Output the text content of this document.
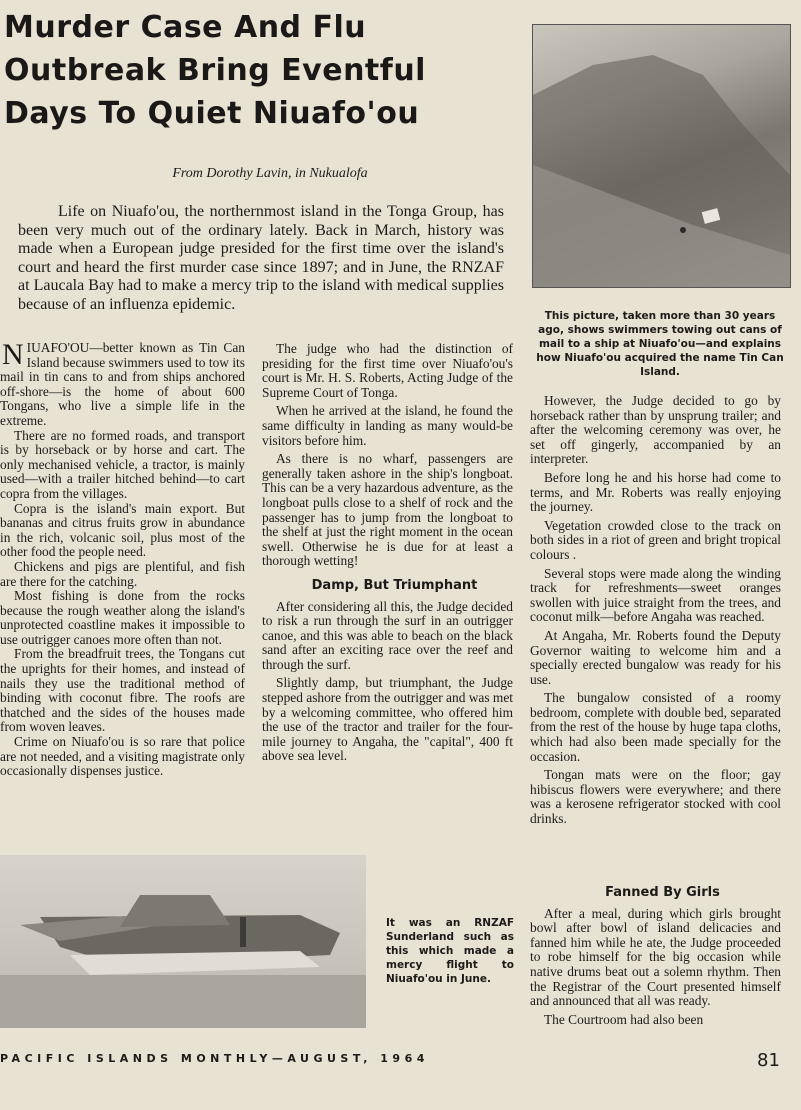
Murder Case And Flu
Outbreak Bring Eventful
Days To Quiet Niuafo'ou
From Dorothy Lavin, in Nukualofa
Life on Niuafo'ou, the northernmost island in the Tonga Group, has been very much out of the ordinary lately. Back in March, history was made when a European judge presided for the first time over the island's court and heard the first murder case since 1897; and in June, the RNZAF at Laucala Bay had to make a mercy trip to the island with medical supplies because of an influenza epidemic.
This picture, taken more than 30 years ago, shows swimmers towing out cans of mail to a ship at Niuafo'ou—and explains how Niuafo'ou acquired the name Tin Can Island.

NIUAFO'OU—better known as Tin Can Island because swimmers used to tow its mail in tin cans to and from ships anchored off-shore—is the home of about 600 Tongans, who live a simple life in the extreme.

There are no formed roads, and transport is by horseback or by horse and cart. The only mechanised vehicle, a tractor, is mainly used—with a trailer hitched behind—to cart copra from the villages.

Copra is the island's main export. But bananas and citrus fruits grow in abundance in the rich, volcanic soil, plus most of the other food the people need.

Chickens and pigs are plentiful, and fish are there for the catching.

Most fishing is done from the rocks because the rough weather along the island's unprotected coastline makes it impossible to use outrigger canoes more often than not.

From the breadfruit trees, the Tongans cut the uprights for their homes, and instead of nails they use the traditional method of binding with coconut fibre. The roofs are thatched and the sides of the houses made from woven leaves.

Crime on Niuafo'ou is so rare that police are not needed, and a visiting magistrate only occasionally dispenses justice.

The judge who had the distinction of presiding for the first time over Niuafo'ou's court is Mr. H. S. Roberts, Acting Judge of the Supreme Court of Tonga.

When he arrived at the island, he found the same difficulty in landing as many would-be visitors before him.

As there is no wharf, passengers are generally taken ashore in the ship's longboat. This can be a very hazardous adventure, as the longboat pulls close to a shelf of rock and the passenger has to jump from the longboat to the shelf at just the right moment in the ocean swell. Otherwise he is due for at least a thorough wetting!

Damp, But Triumphant

After considering all this, the Judge decided to risk a run through the surf in an outrigger canoe, and this was able to beach on the black sand after an exciting race over the reef and through the surf.

Slightly damp, but triumphant, the Judge stepped ashore from the outrigger and was met by a welcoming committee, who offered him the use of the tractor and trailer for the four-mile journey to Angaha, the "capital", 400 ft above sea level.

However, the Judge decided to go by horseback rather than by unsprung trailer; and after the welcoming ceremony was over, he set off gingerly, accompanied by an interpreter.

Before long he and his horse had come to terms, and Mr. Roberts was really enjoying the journey.

Vegetation crowded close to the track on both sides in a riot of green and bright tropical colours .

Several stops were made along the winding track for refreshments—sweet oranges swollen with juice straight from the trees, and coconut milk—before Angaha was reached.

At Angaha, Mr. Roberts found the Deputy Governor waiting to welcome him and a specially erected bungalow was ready for his use.

The bungalow consisted of a roomy bedroom, complete with double bed, separated from the rest of the house by huge tapa cloths, which had also been made specially for the occasion.

Tongan mats were on the floor; gay hibiscus flowers were everywhere; and there was a kerosene refrigerator stocked with cool drinks.

Fanned By Girls

After a meal, during which girls brought bowl after bowl of island delicacies and fanned him while he ate, the Judge proceeded to robe himself for the big occasion while native drums beat out a solemn rhythm. Then the Registrar of the Court presented himself and announced that all was ready.

The Courtroom had also been

It was an RNZAF Sunderland such as this which made a mercy flight to Niuafo'ou in June.
PACIFIC ISLANDS MONTHLY—AUGUST, 1964	81
